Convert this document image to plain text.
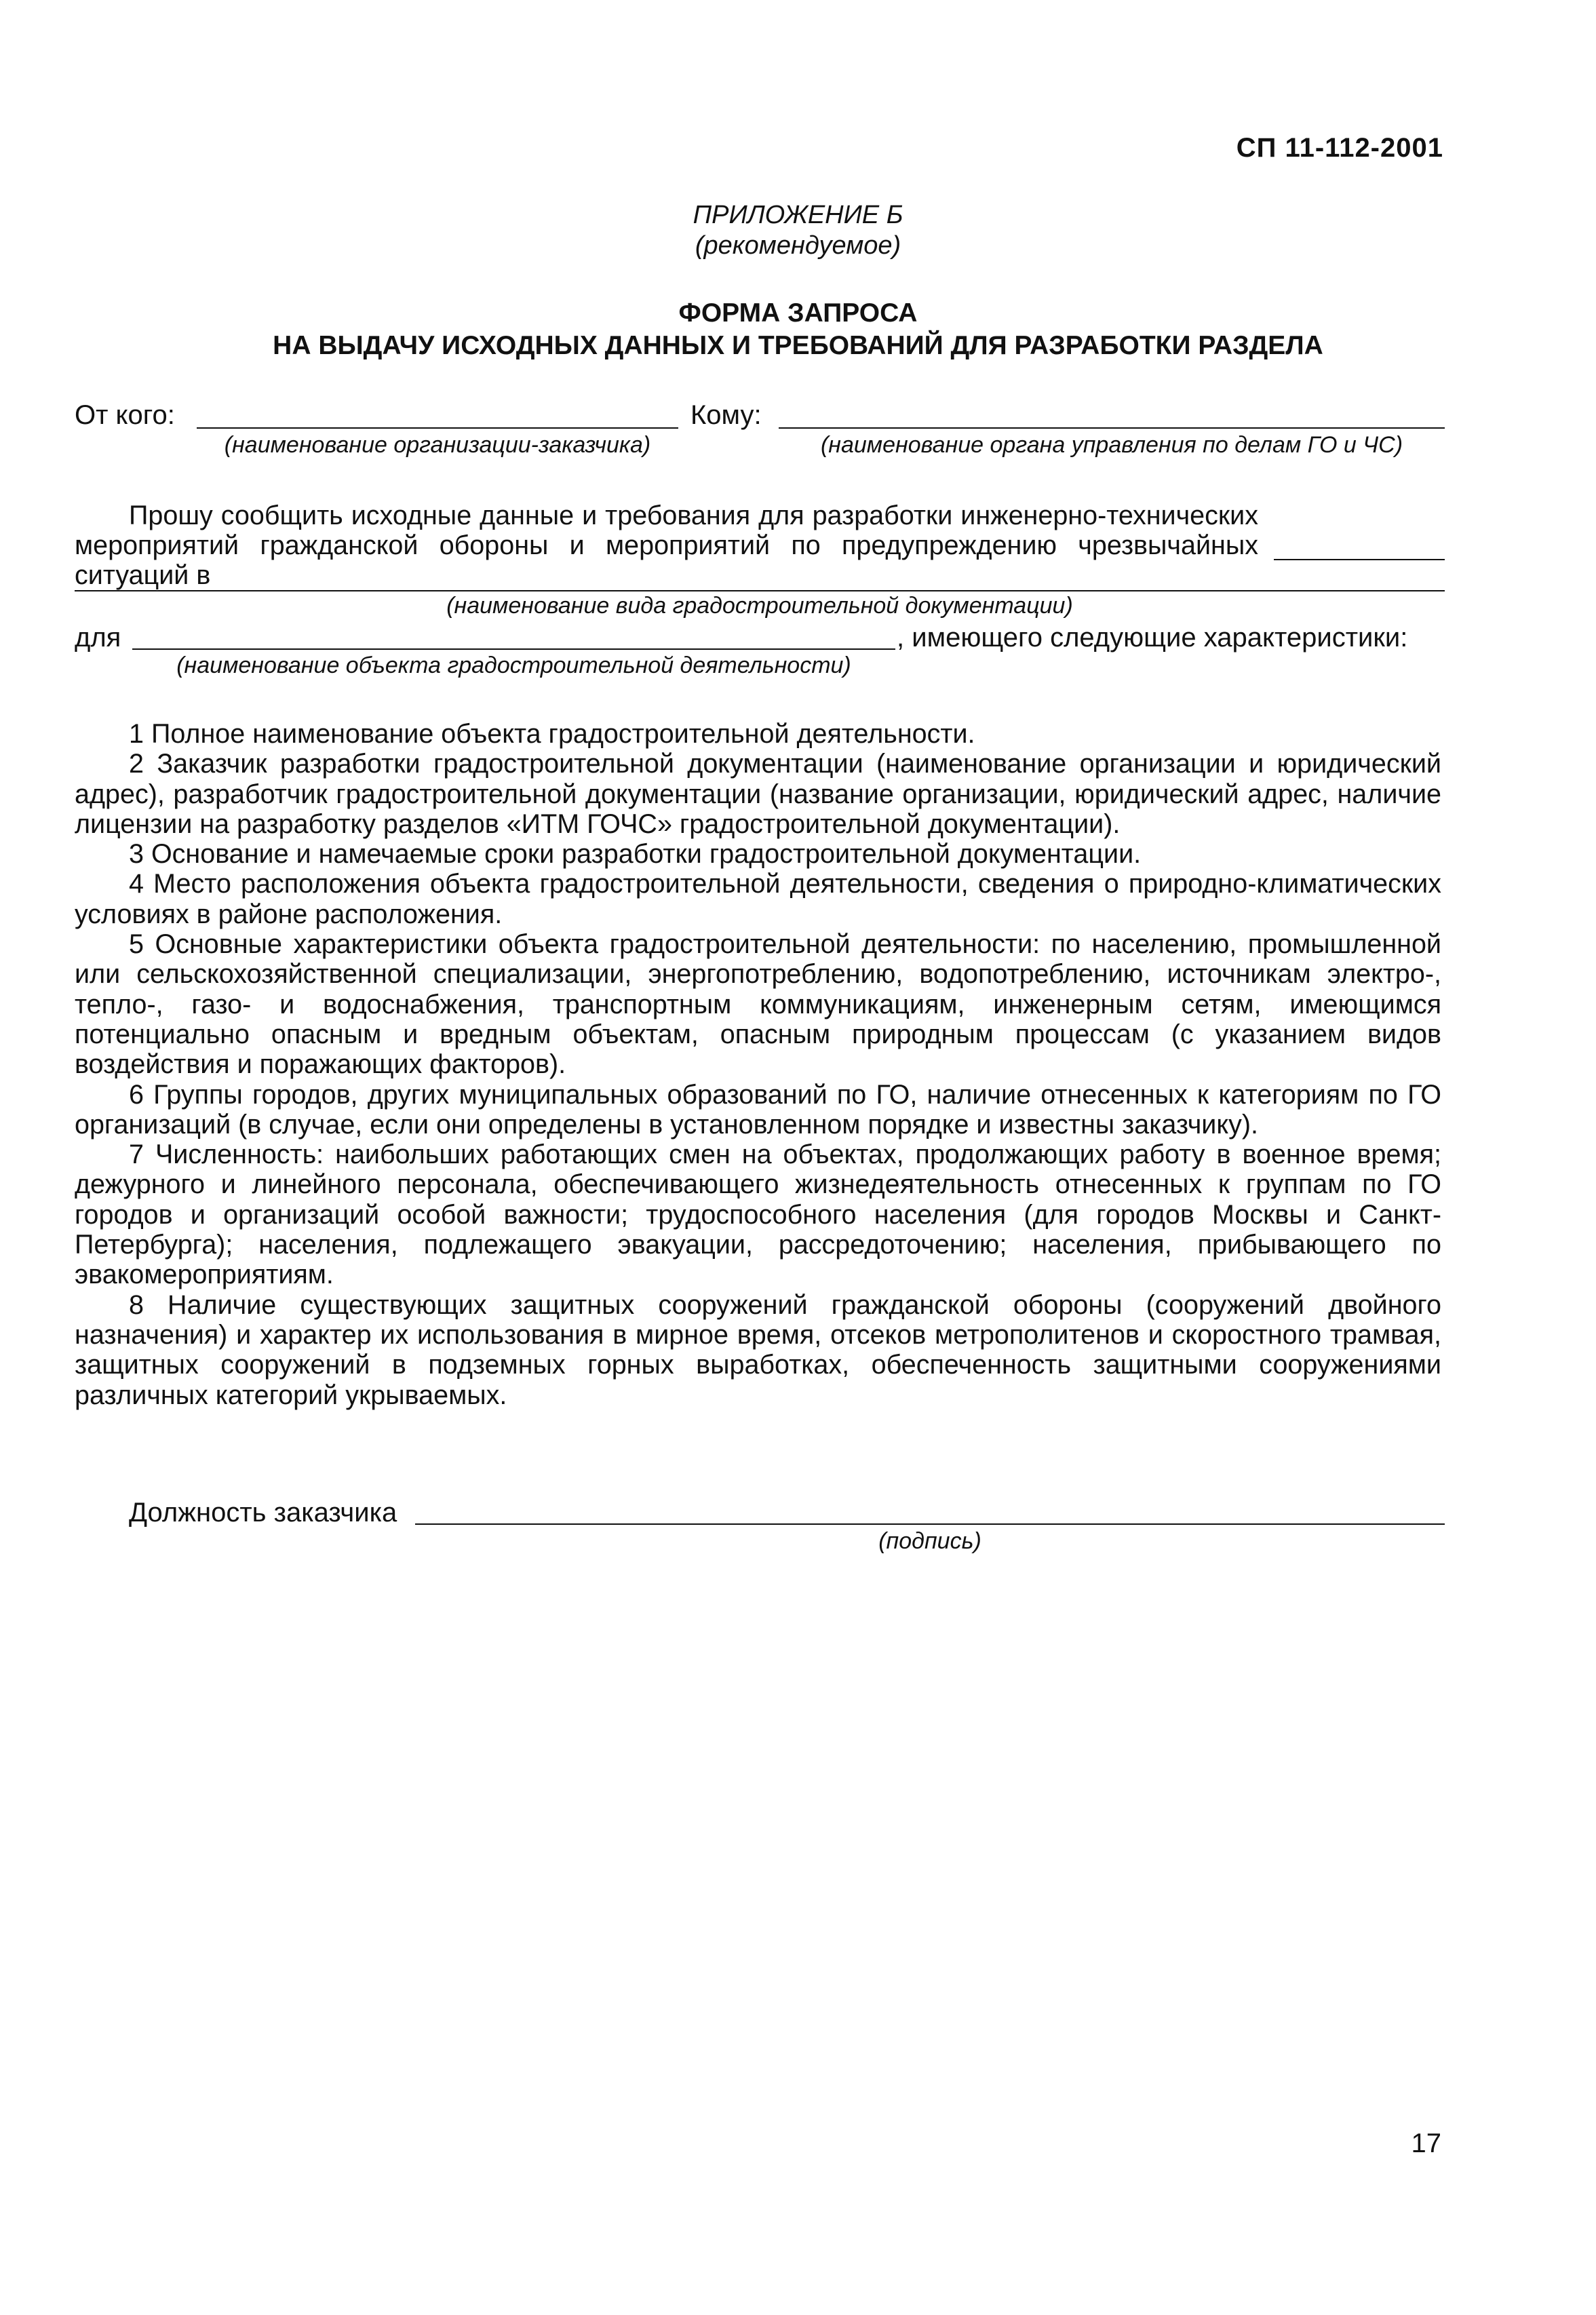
СП 11-112-2001
ПРИЛОЖЕНИЕ Б
(рекомендуемое)
ФОРМА ЗАПРОСА
НА ВЫДАЧУ ИСХОДНЫХ ДАННЫХ И ТРЕБОВАНИЙ ДЛЯ РАЗРАБОТКИ РАЗДЕЛА
От кого:	Кому:
(наименование организации-заказчика)	(наименование органа управления по делам ГО и ЧС)
Прошу сообщить исходные данные и требования для разработки инженерно-технических мероприятий гражданской обороны и мероприятий по предупреждению чрезвычайных ситуаций в
(наименование вида градостроительной документации)
для	, имеющего следующие характеристики:
(наименование объекта градостроительной деятельности)

1 Полное наименование объекта градостроительной деятельности.

2 Заказчик разработки градостроительной документации (наименование организации и юридический адрес), разработчик градостроительной документации (название организации, юридический адрес, наличие лицензии на разработку разделов «ИТМ ГОЧС» градостроительной документации).

3 Основание и намечаемые сроки разработки градостроительной документации.

4 Место расположения объекта градостроительной деятельности, сведения о природно-климатических условиях в районе расположения.

5 Основные характеристики объекта градостроительной деятельности: по населению, промышленной или сельскохозяйственной специализации, энергопотреблению, водопотреблению, источникам электро-, тепло-, газо- и водоснабжения, транспортным коммуникациям, инженерным сетям, имеющимся потенциально опасным и вредным объектам, опасным природным процессам (с указанием видов воздействия и поражающих факторов).

6 Группы городов, других муниципальных образований по ГО, наличие отнесенных к категориям по ГО организаций (в случае, если они определены в установленном порядке и известны заказчику).

7 Численность: наибольших работающих смен на объектах, продолжающих работу в военное время; дежурного и линейного персонала, обеспечивающего жизнедеятельность отнесенных к группам по ГО городов и организаций особой важности; трудоспособного населения (для городов Москвы и Санкт-Петербурга); населения, подлежащего эвакуации, рассредоточению; населения, прибывающего по эвакомероприятиям.

8 Наличие существующих защитных сооружений гражданской обороны (сооружений двойного назначения) и характер их использования в мирное время, отсеков метрополитенов и скоростного трамвая, защитных сооружений в подземных горных выработках, обеспеченность защитными сооружениями различных категорий укрываемых.

Должность заказчика
(подпись)
17
